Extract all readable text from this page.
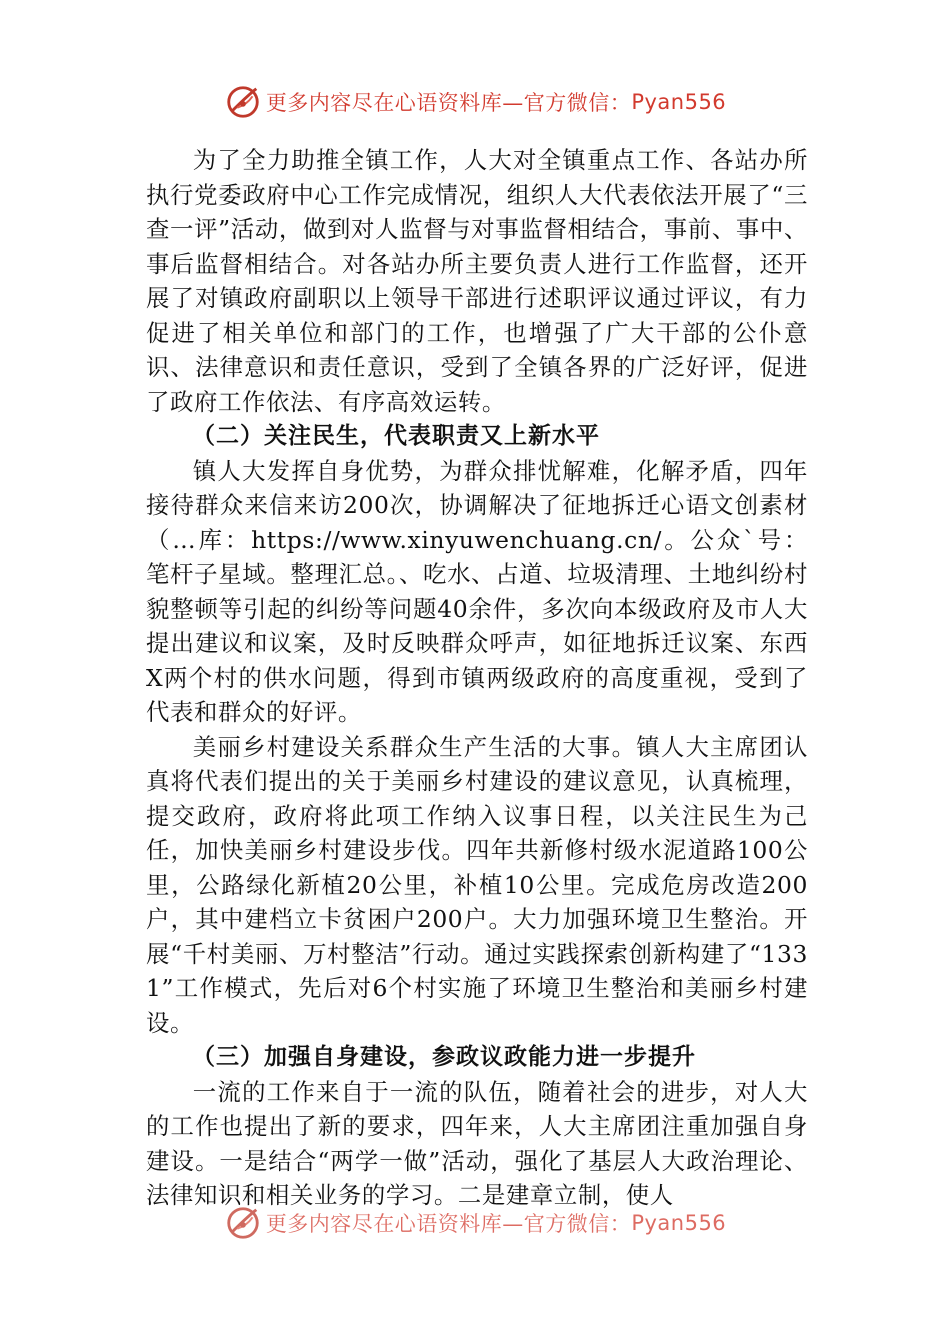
更多内容尽在心语资料库—官方微信： Pyan556

为了全力助推全镇工作，人大对全镇重点工作、各站办所执行党委政府中心工作完成情况，组织人大代表依法开展了“三查一评”活动，做到对人监督与对事监督相结合，事前、事中、事后监督相结合。对各站办所主要负责人进行工作监督，还开展了对镇政府副职以上领导干部进行述职评议通过评议，有力促进了相关单位和部门的工作，也增强了广大干部的公仆意识、法律意识和责任意识，受到了全镇各界的广泛好评，促进了政府工作依法、有序高效运转。

（二）关注民生，代表职责又上新水平

镇人大发挥自身优势，为群众排忧解难，化解矛盾，四年接待群众来信来访200次，协调解决了征地拆迁心语文创素材（…库：https://www.xinyuwenchuang.cn/。公众`号：笔杆子星域。整理汇总。、吃水、占道、垃圾清理、土地纠纷村貌整顿等引起的纠纷等问题40余件，多次向本级政府及市人大提出建议和议案，及时反映群众呼声，如征地拆迁议案、东西X两个村的供水问题，得到市镇两级政府的高度重视，受到了代表和群众的好评。

美丽乡村建设关系群众生产生活的大事。镇人大主席团认真将代表们提出的关于美丽乡村建设的建议意见，认真梳理，提交政府，政府将此项工作纳入议事日程，以关注民生为己任，加快美丽乡村建设步伐。四年共新修村级水泥道路100公里，公路绿化新植20公里，补植10公里。完成危房改造200户，其中建档立卡贫困户200户。大力加强环境卫生整治。开展“千村美丽、万村整洁”行动。通过实践探索创新构建了“1331”工作模式，先后对6个村实施了环境卫生整治和美丽乡村建设。

（三）加强自身建设，参政议政能力进一步提升

一流的工作来自于一流的队伍，随着社会的进步，对人大的工作也提出了新的要求，四年来，人大主席团注重加强自身建设。一是结合“两学一做”活动，强化了基层人大政治理论、法律知识和相关业务的学习。二是建章立制，使人

更多内容尽在心语资料库—官方微信： Pyan556
